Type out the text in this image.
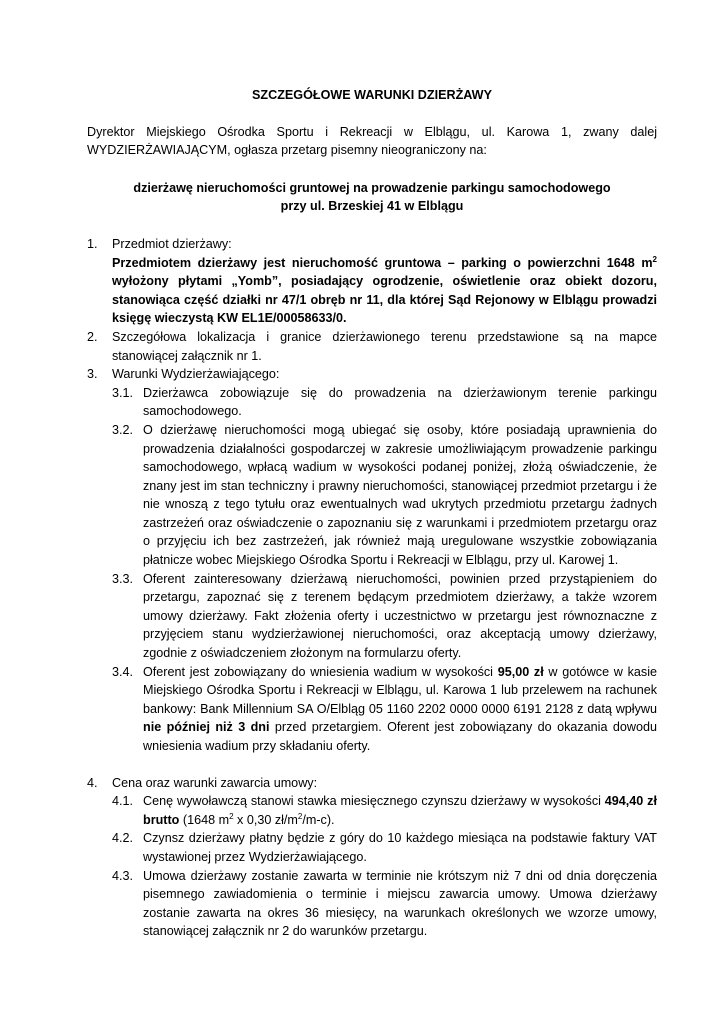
SZCZEGÓŁOWE WARUNKI DZIERŻAWY
Dyrektor Miejskiego Ośrodka Sportu i Rekreacji w Elblągu, ul. Karowa 1, zwany dalej WYDZIERŻAWIAJĄCYM, ogłasza przetarg pisemny nieograniczony na:
dzierżawę nieruchomości gruntowej na prowadzenie parkingu samochodowego
przy ul. Brzeskiej 41 w Elblągu
1. Przedmiot dzierżawy:
Przedmiotem dzierżawy jest nieruchomość gruntowa – parking o powierzchni 1648 $m^2$ wyłożony płytami „Yomb”, posiadający ogrodzenie, oświetlenie oraz obiekt dozoru, stanowiąca część działki nr 47/1 obręb nr 11, dla której Sąd Rejonowy w Elblągu prowadzi księgę wieczystą KW EL1E/00058633/0.
2. Szczegółowa lokalizacja i granice dzierżawionego terenu przedstawione są na mapce stanowiącej załącznik nr 1.
3. Warunki Wydzierżawiającego:
3.1. Dzierżawca zobowiązuje się do prowadzenia na dzierżawionym terenie parkingu samochodowego.
3.2. O dzierżawę nieruchomości mogą ubiegać się osoby, które posiadają uprawnienia do prowadzenia działalności gospodarczej w zakresie umożliwiającym prowadzenie parkingu samochodowego, wpłacą wadium w wysokości podanej poniżej, złożą oświadczenie, że znany jest im stan techniczny i prawny nieruchomości, stanowiącej przedmiot przetargu i że nie wnoszą z tego tytułu oraz ewentualnych wad ukrytych przedmiotu przetargu żadnych zastrzeżeń oraz oświadczenie o zapoznaniu się z warunkami i przedmiotem przetargu oraz o przyjęciu ich bez zastrzeżeń, jak również mają uregulowane wszystkie zobowiązania płatnicze wobec Miejskiego Ośrodka Sportu i Rekreacji w Elblągu, przy ul. Karowej 1.
3.3. Oferent zainteresowany dzierżawą nieruchomości, powinien przed przystąpieniem do przetargu, zapoznać się z terenem będącym przedmiotem dzierżawy, a także wzorem umowy dzierżawy. Fakt złożenia oferty i uczestnictwo w przetargu jest równoznaczne z przyjęciem stanu wydzierżawionej nieruchomości, oraz akceptacją umowy dzierżawy, zgodnie z oświadczeniem złożonym na formularzu oferty.
3.4. Oferent jest zobowiązany do wniesienia wadium w wysokości 95,00 zł w gotówce w kasie Miejskiego Ośrodka Sportu i Rekreacji w Elblągu, ul. Karowa 1 lub przelewem na rachunek bankowy: Bank Millennium SA O/Elbląg 05 1160 2202 0000 0000 6191 2128 z datą wpływu nie później niż 3 dni przed przetargiem. Oferent jest zobowiązany do okazania dowodu wniesienia wadium przy składaniu oferty.
4. Cena oraz warunki zawarcia umowy:
4.1. Cenę wywoławczą stanowi stawka miesięcznego czynszu dzierżawy w wysokości 494,40 zł brutto (1648 $m^2$ x 0,30 $zł/m^2/m-c$).
4.2. Czynsz dzierżawy płatny będzie z góry do 10 każdego miesiąca na podstawie faktury VAT wystawionej przez Wydzierżawiającego.
4.3. Umowa dzierżawy zostanie zawarta w terminie nie krótszym niż 7 dni od dnia doręczenia pisemnego zawiadomienia o terminie i miejscu zawarcia umowy. Umowa dzierżawy zostanie zawarta na okres 36 miesięcy, na warunkach określonych we wzorze umowy, stanowiącej załącznik nr 2 do warunków przetargu.
